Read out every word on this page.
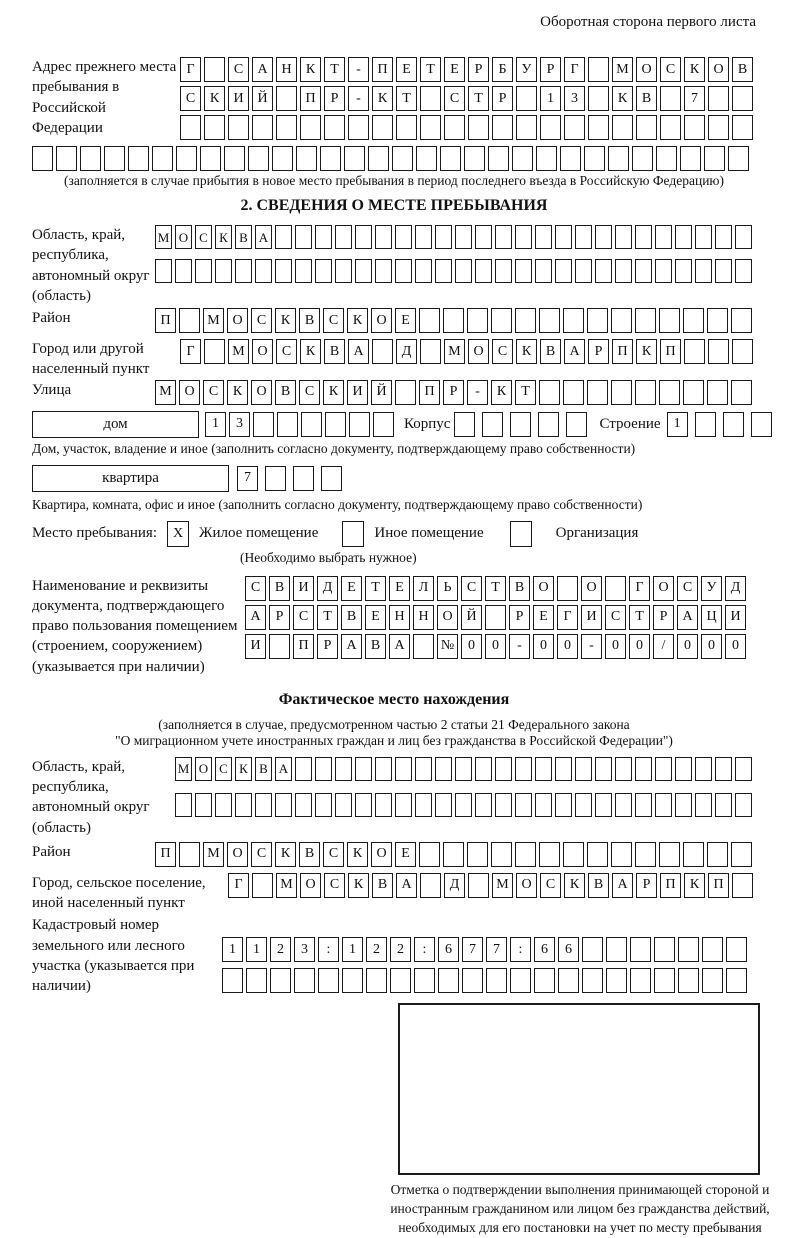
Оборотная сторона первого листа
Адрес прежнего места пребывания в Российской Федерации
Г	С	А Н	К	Т	-	П	Е	Т	Е	Р	Б	У	Р	Г	М О	С	К	О	В
С	К	И Й	П	Р	-	К	Т	С	Т	Р	1	3	К	В	7
(заполняется в случае прибытия в новое место пребывания в период последнего въезда в Российскую Федерацию)
2. СВЕДЕНИЯ О МЕСТЕ ПРЕБЫВАНИЯ
Область, край, республика, автономный округ (область)
М О С К В А
Район	П	М О	С	К	В	С	К	О	Е
Город или другой населенный пункт
Г	М О	С	К	В	А	Д	М О	С	К	В	А	Р	П	К	П
Улица	М О	С	К	О	В	С	К	И Й	П	Р	-	К	Т
дом	1	3	Корпус	Строение 1
Дом, участок, владение и иное (заполнить согласно документу, подтверждающему право собственности)
квартира	7
Квартира, комната, офис и иное (заполнить согласно документу, подтверждающему право собственности)
Место пребывания:	X	Жилое помещение	Иное помещение	Организация
(Необходимо выбрать нужное)
Наименование и реквизиты документа, подтверждающего право пользования помещением (строением, сооружением) (указывается при наличии)
С	В	И	Д	Е	Т	Е	Л	Ь	С	Т	В	О	О	Г	О	С	У	Д
А	Р	С	Т	В	Е	Н Н О Й	Р	Е	Г	И	С	Т	Р	А Ц И
И	П	Р	А	В	А	№ 0	0	-	0	0	-	0	0	/	0	0	0
Фактическое место нахождения
(заполняется в случае, предусмотренном частью 2 статьи 21 Федерального закона
"О миграционном учете иностранных граждан и лиц без гражданства в Российской Федерации")
Область, край, республика, автономный округ (область)
М О С К В А
Район	П	М О	С	К	В	С	К	О	Е
Город, сельское поселение, иной населенный пункт
Г	М О	С	К	В	А	Д	М О	С	К	В	А	Р	П	К	П
Кадастровый номер земельного или лесного участка (указывается при наличии)
1	1	2	3	:	1	2	2	:	6	7	7	:	6	6
Отметка о подтверждении выполнения принимающей стороной и иностранным гражданином или лицом без гражданства действий, необходимых для его постановки на учет по месту пребывания
